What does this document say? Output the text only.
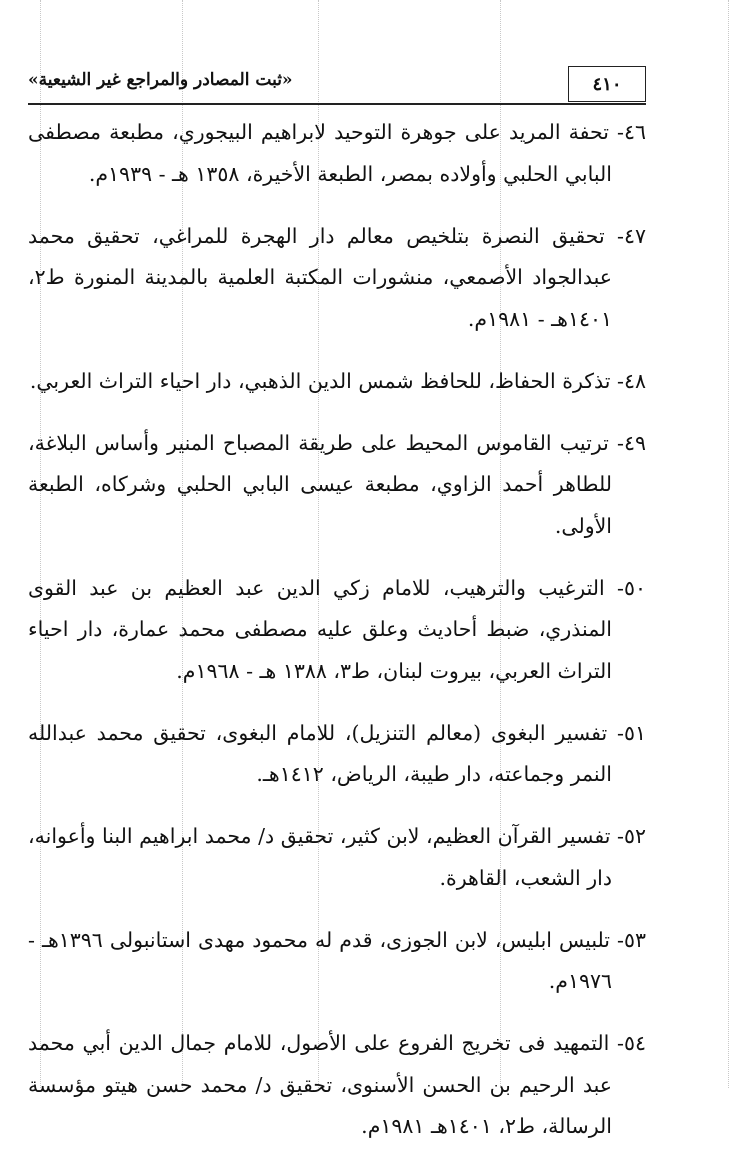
٤١٠
«ثبت المصادر والمراجع غير الشيعية»

٤٦- تحفة المريد على جوهرة التوحيد لابراهيم البيجوري، مطبعة مصطفى البابي الحلبي وأولاده بمصر، الطبعة الأخيرة، ١٣٥٨ هـ - ١٩٣٩م.

٤٧- تحقيق النصرة بتلخيص معالم دار الهجرة للمراغي، تحقيق محمد عبدالجواد الأصمعي، منشورات المكتبة العلمية بالمدينة المنورة ط٢، ١٤٠١هـ - ١٩٨١م.

٤٨- تذكرة الحفاظ، للحافظ شمس الدين الذهبي، دار احياء التراث العربي.

٤٩- ترتيب القاموس المحيط على طريقة المصباح المنير وأساس البلاغة، للطاهر أحمد الزاوي، مطبعة عيسى البابي الحلبي وشركاه، الطبعة الأولى.

٥٠- الترغيب والترهيب، للامام زكي الدين عبد العظيم بن عبد القوى المنذري، ضبط أحاديث وعلق عليه مصطفى محمد عمارة، دار احياء التراث العربي، بيروت لبنان، ط٣، ١٣٨٨ هـ - ١٩٦٨م.

٥١- تفسير البغوى (معالم التنزيل)، للامام البغوى، تحقيق محمد عبدالله النمر وجماعته، دار طيبة، الرياض، ١٤١٢هـ.

٥٢- تفسير القرآن العظيم، لابن كثير، تحقيق د/ محمد ابراهيم البنا وأعوانه، دار الشعب، القاهرة.

٥٣- تلبيس ابليس، لابن الجوزى، قدم له محمود مهدى استانبولى ١٣٩٦هـ - ١٩٧٦م.

٥٤- التمهيد فى تخريج الفروع على الأصول، للامام جمال الدين أبي محمد عبد الرحيم بن الحسن الأسنوى، تحقيق د/ محمد حسن هيتو مؤسسة الرسالة، ط٢، ١٤٠١هـ ١٩٨١م.
